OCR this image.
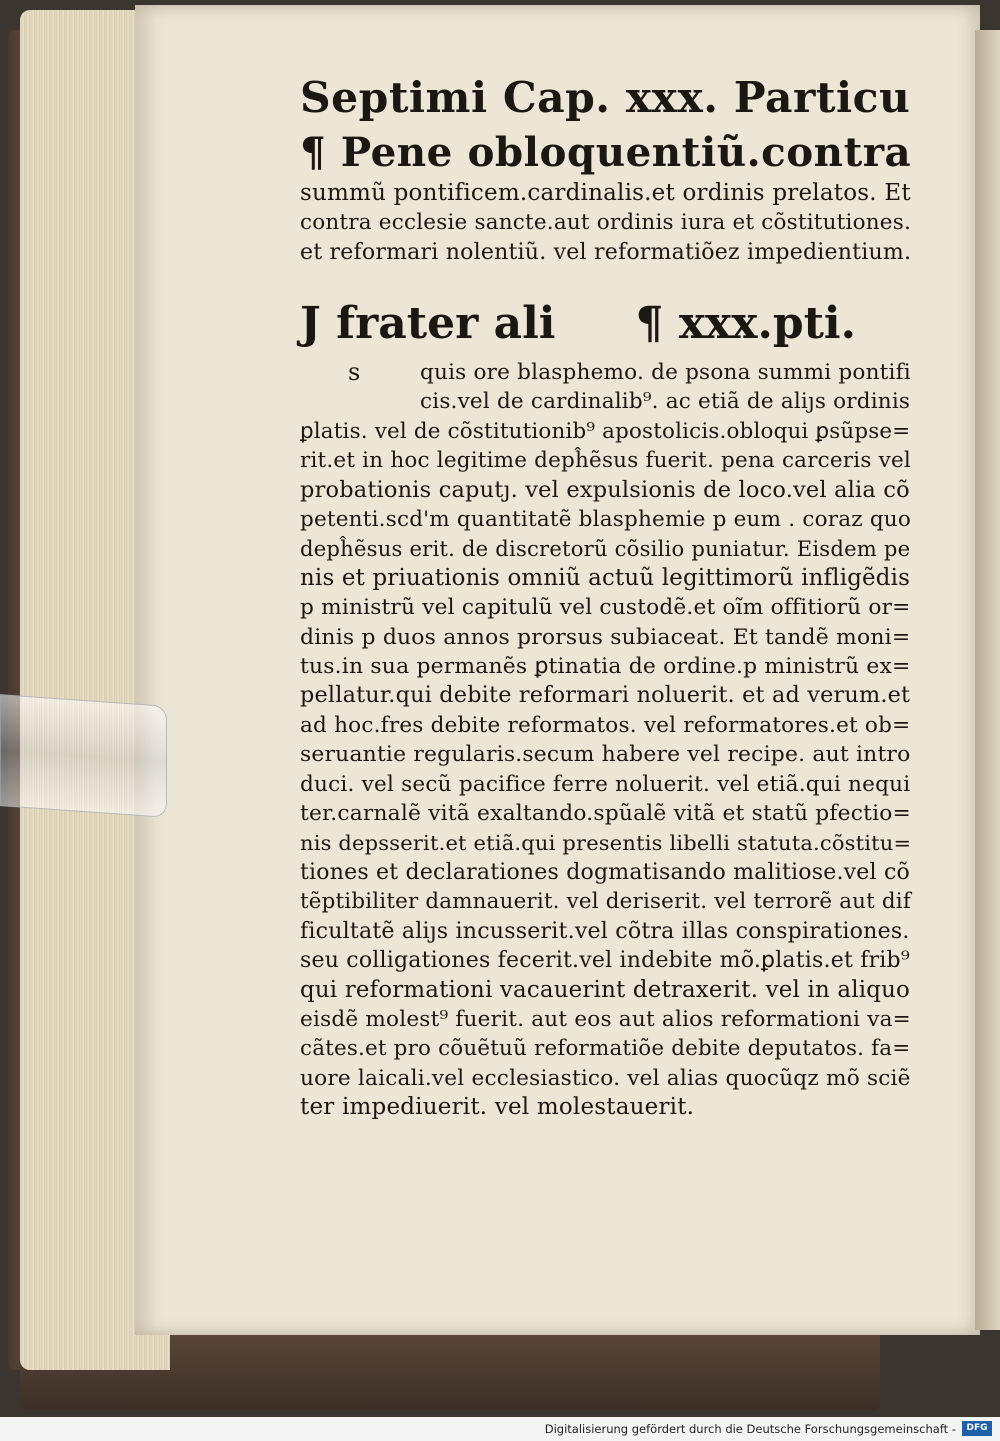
Septimi Cap. xxx. Particu
¶ Pene obloquentiũ.contra
summũ pontificem.cardinalis.et ordinis prelatos. Et
contra ecclesie sancte.aut ordinis iura et cõstitutiones.
et reformari nolentiũ. vel reformatiõez impedientium.
J frater ali ¶ xxx.pti.
s	quis ore blasphemo. de psona summi pontifi
cis.vel de cardinalib⁹. ac etiã de aliȷs ordinis
ꝑlatis. vel de cõstitutionib⁹ apostolicis.obloqui ꝑsũpse=
rit.et in hoc legitime depĥẽsus fuerit. pena carceris vel
probationis caputȷ. vel expulsionis de loco.vel alia cõ
petenti.scd'm quantitatẽ blasphemie p eum . coraz quo
depĥẽsus erit. de discretorũ cõsilio puniatur. Eisdem pe
nis et priuationis omniũ actuũ legittimorũ infligẽdis
p ministrũ vel capitulũ vel custodẽ.et oĩm offitiorũ or=
dinis p duos annos prorsus subiaceat. Et tandẽ moni=
tus.in sua permanẽs ꝑtinatia de ordine.p ministrũ ex=
pellatur.qui debite reformari noluerit. et ad verum.et
ad hoc.fres debite reformatos. vel reformatores.et ob=
seruantie regularis.secum habere vel recipe. aut intro
duci. vel secũ pacifice ferre noluerit. vel etiã.qui nequi
ter.carnalẽ vitã exaltando.spũalẽ vitã et statũ pfectio=
nis depsserit.et etiã.qui presentis libelli statuta.cõstitu=
tiones et declarationes dogmatisando malitiose.vel cõ
tẽptibiliter damnauerit. vel deriserit. vel terrorẽ aut dif
ficultatẽ aliȷs incusserit.vel cõtra illas conspirationes.
seu colligationes fecerit.vel indebite mõ.ꝑlatis.et frib⁹
qui reformationi vacauerint detraxerit. vel in aliquo
eisdẽ molest⁹ fuerit. aut eos aut alios reformationi va=
cãtes.et pro cõuẽtuũ reformatiõe debite deputatos. fa=
uore laicali.vel ecclesiastico. vel alias quocũqz mõ sciẽ
ter impediuerit. vel molestauerit.
Digitalisierung gefördert durch die Deutsche Forschungsgemeinschaft -	DFG
